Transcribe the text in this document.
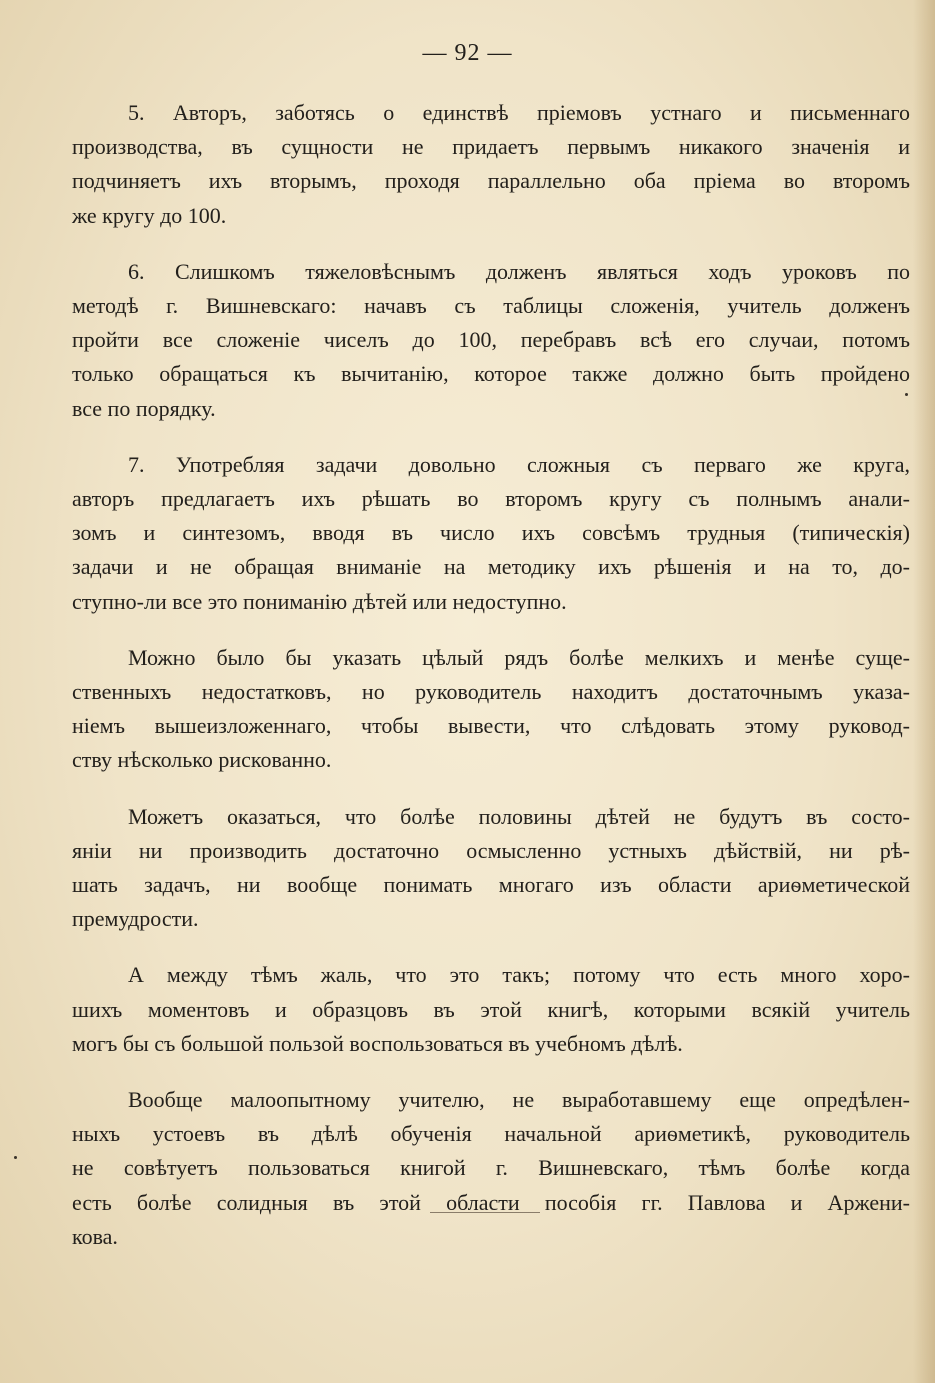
— 92 —

5. Авторъ, заботясь о единствѣ пріемовъ устнаго и письменнаго
производства, въ сущности не придаетъ первымъ никакого значенія и
подчиняетъ ихъ вторымъ, проходя параллельно оба пріема во второмъ
же кругу до 100.

6. Слишкомъ тяжеловѣснымъ долженъ являться ходъ уроковъ по
методѣ г. Вишневскаго: начавъ съ таблицы сложенія, учитель долженъ
пройти все сложеніе чиселъ до 100, перебравъ всѣ его случаи, потомъ
только обращаться къ вычитанію, которое также должно быть пройдено
все по порядку.

7. Употребляя задачи довольно сложныя съ перваго же круга,
авторъ предлагаетъ ихъ рѣшать во второмъ кругу съ полнымъ анали-
зомъ и синтезомъ, вводя въ число ихъ совсѣмъ трудныя (типическія)
задачи и не обращая вниманіе на методику ихъ рѣшенія и на то, до-
ступно-ли все это пониманію дѣтей или недоступно.

Можно было бы указать цѣлый рядъ болѣе мелкихъ и менѣе суще-
ственныхъ недостатковъ, но руководитель находитъ достаточнымъ указа-
ніемъ вышеизложеннаго, чтобы вывести, что слѣдовать этому руковод-
ству нѣсколько рискованно.

Можетъ оказаться, что болѣе половины дѣтей не будутъ въ состо-
яніи ни производить достаточно осмысленно устныхъ дѣйствій, ни рѣ-
шать задачъ, ни вообще понимать многаго изъ области ариѳметической
премудрости.

А между тѣмъ жаль, что это такъ; потому что есть много хоро-
шихъ моментовъ и образцовъ въ этой книгѣ, которыми всякій учитель
могъ бы съ большой пользой воспользоваться въ учебномъ дѣлѣ.

Вообще малоопытному учителю, не выработавшему еще опредѣлен-
ныхъ устоевъ въ дѣлѣ обученія начальной ариѳметикѣ, руководитель
не совѣтуетъ пользоваться книгой г. Вишневскаго, тѣмъ болѣе когда
есть болѣе солидныя въ этой области пособія гг. Павлова и Аржени-
кова.
